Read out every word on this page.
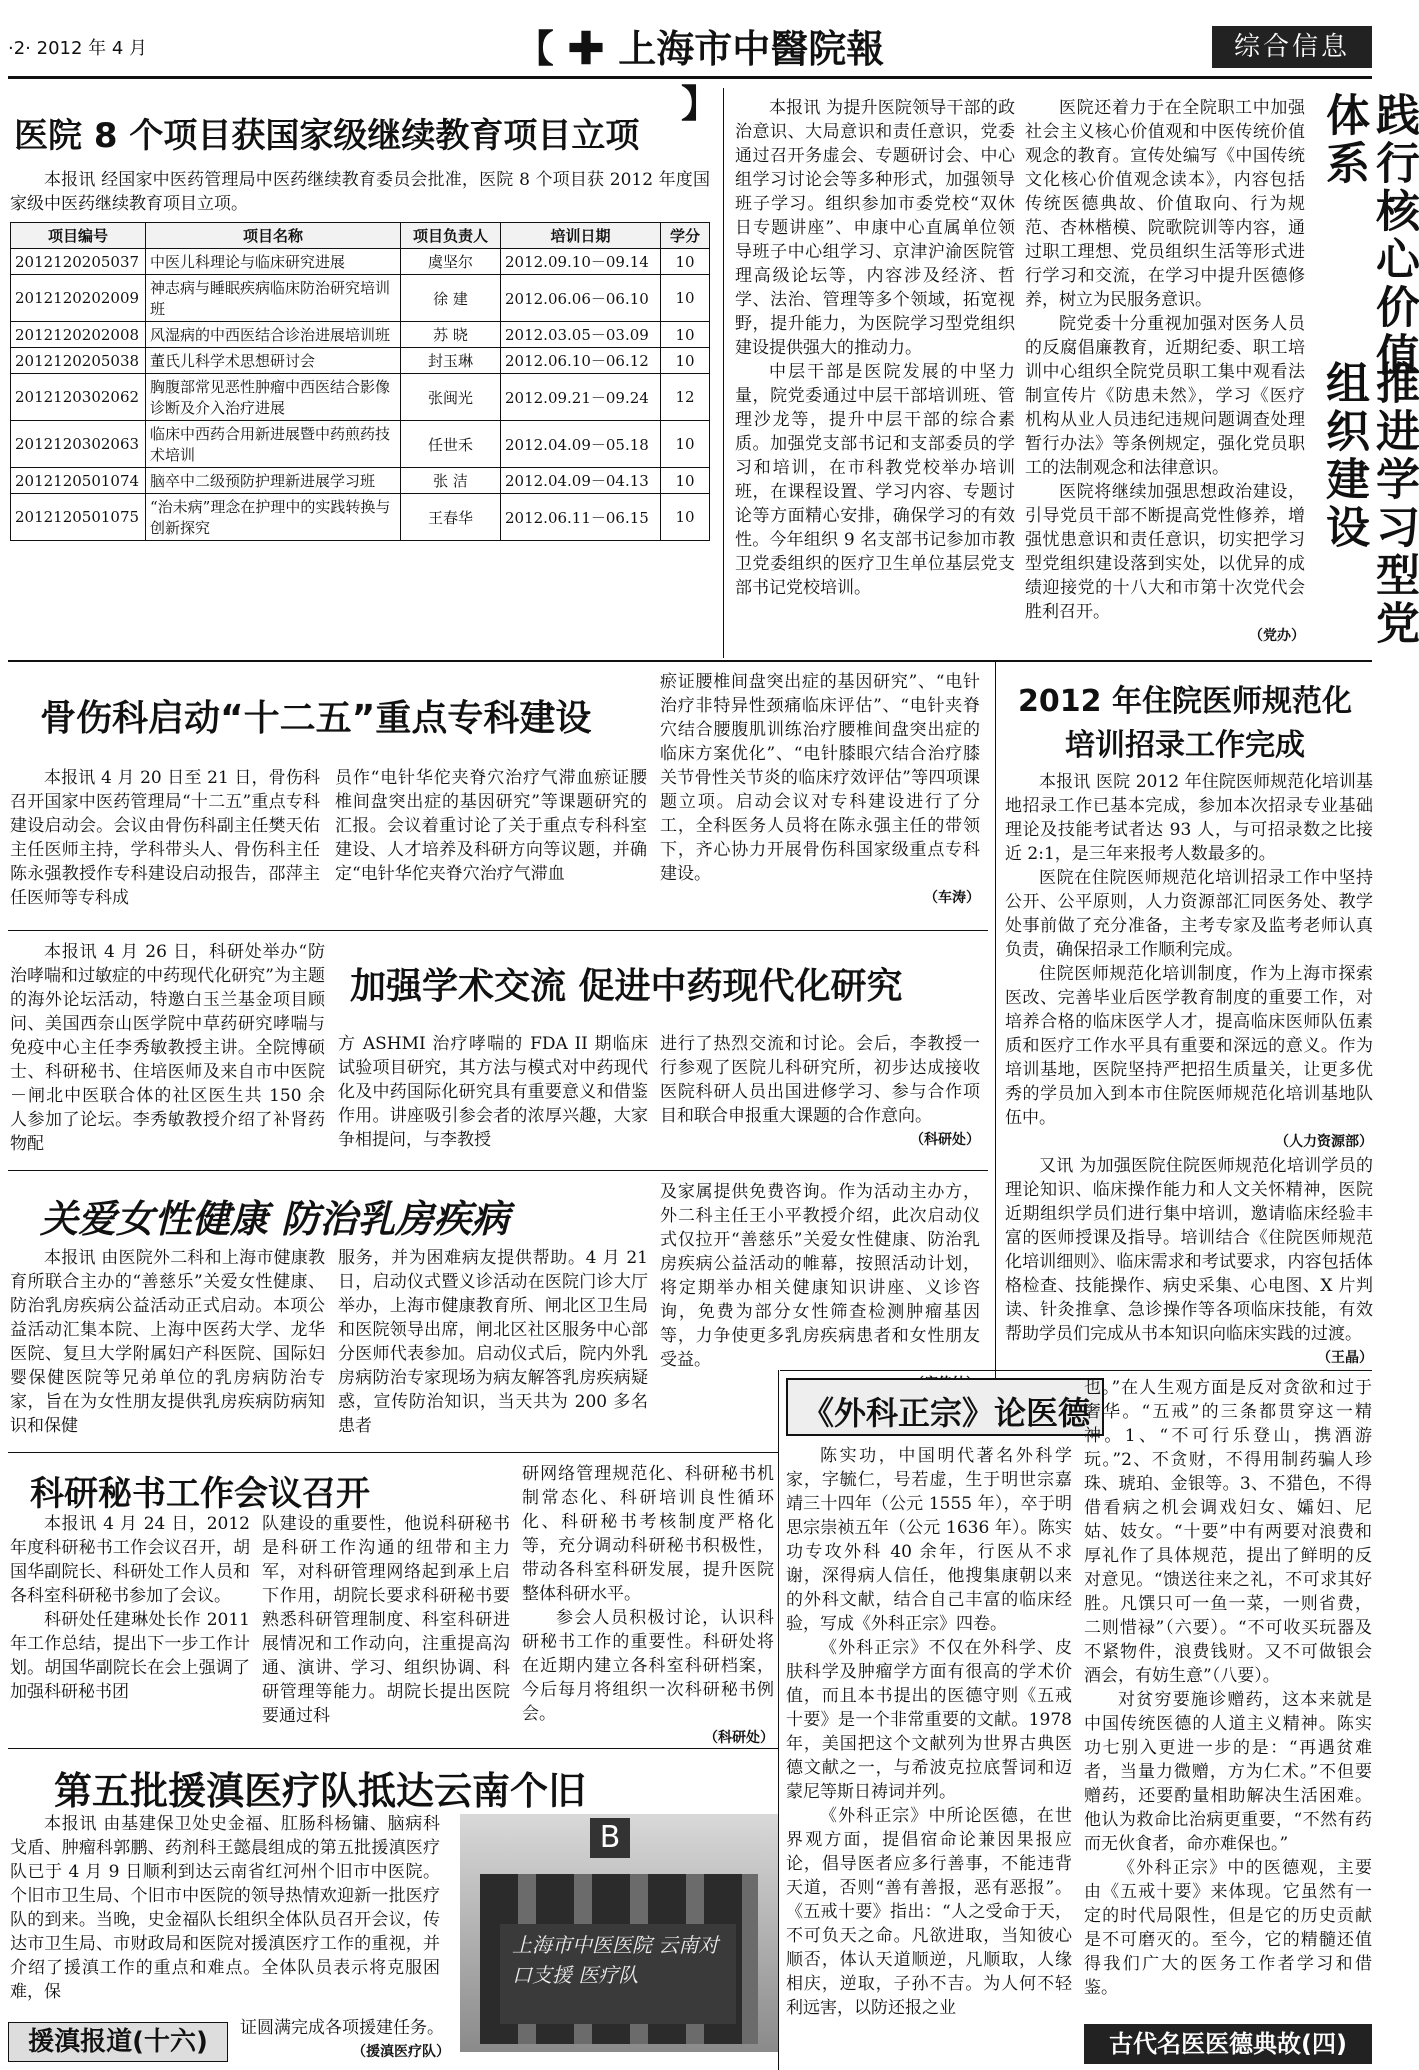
·2· 2012 年 4 月	【 ✚ 上海市中醫院報 】
综合信息
医院 8 个项目获国家级继续教育项目立项
本报讯 经国家中医药管理局中医药继续教育委员会批准，医院 8 个项目获 2012 年度国家级中医药继续教育项目立项。
项目编号	项目名称	项目负责人	培训日期	学分
2012120205037	中医儿科理论与临床研究进展	虞坚尔	2012.09.10－09.14	10
2012120202009	神志病与睡眠疾病临床防治研究培训班	徐 建	2012.06.06－06.10	10
2012120202008	风湿病的中西医结合诊治进展培训班	苏 晓	2012.03.05－03.09	10
2012120205038	董氏儿科学术思想研讨会	封玉琳	2012.06.10－06.12	10
2012120302062	胸腹部常见恶性肿瘤中西医结合影像诊断及介入治疗进展	张闽光	2012.09.21－09.24	12
2012120302063	临床中西药合用新进展暨中药煎药技术培训	任世禾	2012.04.09－05.18	10
2012120501074	脑卒中二级预防护理新进展学习班	张 洁	2012.04.09－04.13	10
2012120501075	“治未病”理念在护理中的实践转换与创新探究	王春华	2012.06.11－06.15	10

本报讯 为提升医院领导干部的政治意识、大局意识和责任意识，党委通过召开务虚会、专题研讨会、中心组学习讨论会等多种形式，加强领导班子学习。组织参加市委党校“双休日专题讲座”、申康中心直属单位领导班子中心组学习、京津沪渝医院管理高级论坛等，内容涉及经济、哲学、法治、管理等多个领域，拓宽视野，提升能力，为医院学习型党组织建设提供强大的推动力。

中层干部是医院发展的中坚力量，院党委通过中层干部培训班、管理沙龙等，提升中层干部的综合素质。加强党支部书记和支部委员的学习和培训，在市科教党校举办培训班，在课程设置、学习内容、专题讨论等方面精心安排，确保学习的有效性。今年组织 9 名支部书记参加市教卫党委组织的医疗卫生单位基层党支部书记党校培训。

医院还着力于在全院职工中加强社会主义核心价值观和中医传统价值观念的教育。宣传处编写《中国传统文化核心价值观念读本》，内容包括传统医德典故、价值取向、行为规范、杏林楷模、院歌院训等内容，通过职工理想、党员组织生活等形式进行学习和交流，在学习中提升医德修养，树立为民服务意识。

院党委十分重视加强对医务人员的反腐倡廉教育，近期纪委、职工培训中心组织全院党员职工集中观看法制宣传片《防患未然》，学习《医疗机构从业人员违纪违规问题调查处理暂行办法》等条例规定，强化党员职工的法制观念和法律意识。

医院将继续加强思想政治建设，引导党员干部不断提高党性修养，增强忧患意识和责任意识，切实把学习型党组织建设落到实处，以优异的成绩迎接党的十八大和市第十次党代会胜利召开。

（党办）
践行核心价值体系
推进学习型党组织建设
骨伤科启动“十二五”重点专科建设
本报讯 4 月 20 日至 21 日，骨伤科召开国家中医药管理局“十二五”重点专科建设启动会。会议由骨伤科副主任樊天佑主任医师主持，学科带头人、骨伤科主任陈永强教授作专科建设启动报告，邵萍主任医师等专科成
员作“电针华佗夹脊穴治疗气滞血瘀证腰椎间盘突出症的基因研究”等课题研究的汇报。会议着重讨论了关于重点专科科室建设、人才培养及科研方向等议题，并确定“电针华佗夹脊穴治疗气滞血

瘀证腰椎间盘突出症的基因研究”、“电针治疗非特异性颈痛临床评估”、“电针夹脊穴结合腰腹肌训练治疗腰椎间盘突出症的临床方案优化”、“电针膝眼穴结合治疗膝关节骨性关节炎的临床疗效评估”等四项课题立项。启动会议对专科建设进行了分工，全科医务人员将在陈永强主任的带领下，齐心协力开展骨伤科国家级重点专科建设。

（车涛）
加强学术交流 促进中药现代化研究
本报讯 4 月 26 日，科研处举办“防治哮喘和过敏症的中药现代化研究”为主题的海外论坛活动，特邀白玉兰基金项目顾问、美国西奈山医学院中草药研究哮喘与免疫中心主任李秀敏教授主讲。全院博硕士、科研秘书、住培医师及来自市中医院－闸北中医联合体的社区医生共 150 余人参加了论坛。李秀敏教授介绍了补肾药物配
方 ASHMI 治疗哮喘的 FDA II 期临床试验项目研究，其方法与模式对中药现代化及中药国际化研究具有重要意义和借鉴作用。讲座吸引参会者的浓厚兴趣，大家争相提问，与李教授

进行了热烈交流和讨论。会后，李教授一行参观了医院儿科研究所，初步达成接收医院科研人员出国进修学习、参与合作项目和联合申报重大课题的合作意向。

（科研处）
关爱女性健康 防治乳房疾病
本报讯 由医院外二科和上海市健康教育所联合主办的“善慈乐”关爱女性健康、防治乳房疾病公益活动正式启动。本项公益活动汇集本院、上海中医药大学、龙华医院、复旦大学附属妇产科医院、国际妇婴保健医院等兄弟单位的乳房病防治专家，旨在为女性朋友提供乳房疾病防病知识和保健
服务，并为困难病友提供帮助。4 月 21 日，启动仪式暨义诊活动在医院门诊大厅举办，上海市健康教育所、闸北区卫生局和医院领导出席，闸北区社区服务中心部分医师代表参加。启动仪式后，院内外乳房病防治专家现场为病友解答乳房疾病疑惑，宣传防治知识，当天共为 200 多名患者

及家属提供免费咨询。作为活动主办方，外二科主任王小平教授介绍，此次启动仪式仅拉开“善慈乐”关爱女性健康、防治乳房疾病公益活动的帷幕，按照活动计划，将定期举办相关健康知识讲座、义诊咨询，免费为部分女性筛查检测肿瘤基因等，力争使更多乳房疾病患者和女性朋友受益。

2012 年住院医师规范化
培训招录工作完成

本报讯 医院 2012 年住院医师规范化培训基地招录工作已基本完成，参加本次招录专业基础理论及技能考试者达 93 人，与可招录数之比接近 2:1，是三年来报考人数最多的。

医院在住院医师规范化培训招录工作中坚持公开、公平原则，人力资源部汇同医务处、教学处事前做了充分准备，主考专家及监考老师认真负责，确保招录工作顺利完成。

住院医师规范化培训制度，作为上海市探索医改、完善毕业后医学教育制度的重要工作，对培养合格的临床医学人才，提高临床医师队伍素质和医疗工作水平具有重要和深远的意义。作为培训基地，医院坚持严把招生质量关，让更多优秀的学员加入到本市住院医师规范化培训基地队伍中。

（人力资源部）

又讯 为加强医院住院医师规范化培训学员的理论知识、临床操作能力和人文关怀精神，医院近期组织学员们进行集中培训，邀请临床经验丰富的医师授课及指导。培训结合《住院医师规范化培训细则》、临床需求和考试要求，内容包括体格检查、技能操作、病史采集、心电图、X 片判读、针灸推拿、急诊操作等各项临床技能，有效帮助学员们完成从书本知识向临床实践的过渡。

（王晶）
科研秘书工作会议召开

本报讯 4 月 24 日，2012 年度科研秘书工作会议召开，胡国华副院长、科研处工作人员和各科室科研秘书参加了会议。

科研处任建琳处长作 2011 年工作总结，提出下一步工作计划。胡国华副院长在会上强调了加强科研秘书团

队建设的重要性，他说科研秘书是科研工作沟通的纽带和主力军，对科研管理网络起到承上启下作用，胡院长要求科研秘书要熟悉科研管理制度、科室科研进展情况和工作动向，注重提高沟通、演讲、学习、组织协调、科研管理等能力。胡院长提出医院要通过科

研网络管理规范化、科研秘书机制常态化、科研培训良性循环化、科研秘书考核制度严格化等，充分调动科研秘书积极性，带动各科室科研发展，提升医院整体科研水平。

参会人员积极讨论，认识科研秘书工作的重要性。科研处将在近期内建立各科室科研档案，今后每月将组织一次科研秘书例会。

（科研处）
第五批援滇医疗队抵达云南个旧
本报讯 由基建保卫处史金福、肛肠科杨镛、脑病科戈盾、肿瘤科郭鹏、药剂科王懿晨组成的第五批援滇医疗队已于 4 月 9 日顺利到达云南省红河州个旧市中医院。个旧市卫生局、个旧市中医院的领导热情欢迎新一批医疗队的到来。当晚，史金福队长组织全体队员召开会议，传达市卫生局、市财政局和医院对援滇医疗工作的重视，并介绍了援滇工作的重点和难点。全体队员表示将克服困难，保
B
上海市中医医院 云南对口支援 医疗队
援滇报道(十六)	证圆满完成各项援建任务。

（援滇医疗队）
《外科正宗》论医德

陈实功，中国明代著名外科学家，字毓仁，号若虚，生于明世宗嘉靖三十四年（公元 1555 年），卒于明思宗崇祯五年（公元 1636 年）。陈实功专攻外科 40 余年，行医从不求谢，深得病人信任，他搜集康朝以来的外科文献，结合自己丰富的临床经验，写成《外科正宗》四卷。

《外科正宗》不仅在外科学、皮肤科学及肿瘤学方面有很高的学术价值，而且本书提出的医德守则《五戒十要》是一个非常重要的文献。1978 年，美国把这个文献列为世界古典医德文献之一，与希波克拉底誓词和迈蒙尼等斯日祷词并列。

《外科正宗》中所论医德，在世界观方面，提倡宿命论兼因果报应论，倡导医者应多行善事，不能违背天道，否则“善有善报，恶有恶报”。《五戒十要》指出：“人之受命于天，不可负天之命。凡欲进取，当知彼心顺否，体认天道顺逆，凡顺取，人缘相庆，逆取，子孙不吉。为人何不轻利远害，以防还报之业

也。”在人生观方面是反对贪欲和过于奢华。“五戒”的三条都贯穿这一精神。1、“不可行乐登山，携酒游玩。”2、不贪财，不得用制药骗人珍珠、琥珀、金银等。3、不猎色，不得借看病之机会调戏妇女、孀妇、尼姑、妓女。“十要”中有两要对浪费和厚礼作了具体规范，提出了鲜明的反对意见。“馈送往来之礼，不可求其好胜。凡馔只可一鱼一菜，一则省费，二则惜禄”（六要）。“不可收买玩器及不紧物件，浪费钱财。又不可做银会酒会，有妨生意”（八要）。

对贫穷要施诊赠药，这本来就是中国传统医德的人道主义精神。陈实功七别入更进一步的是：“再遇贫难者，当量力微赠，方为仁术。”不但要赠药，还要酌量相助解决生活困难。他认为救命比治病更重要，“不然有药而无伙食者，命亦难保也。”

《外科正宗》中的医德观，主要由《五戒十要》来体现。它虽然有一定的时代局限性，但是它的历史贡献是不可磨灭的。至今，它的精髓还值得我们广大的医务工作者学习和借鉴。

古代名医医德典故(四)
